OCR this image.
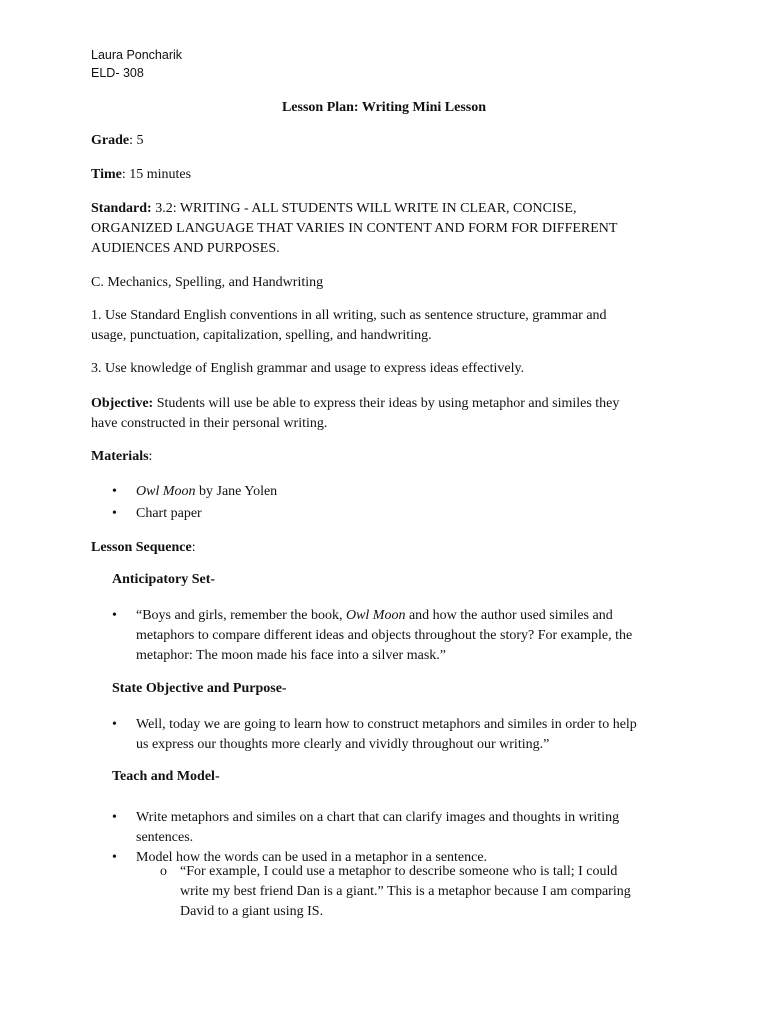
Laura Poncharik
ELD- 308
Lesson Plan: Writing Mini Lesson
Grade: 5
Time: 15 minutes
Standard: 3.2: WRITING - ALL STUDENTS WILL WRITE IN CLEAR, CONCISE,
ORGANIZED LANGUAGE THAT VARIES IN CONTENT AND FORM FOR DIFFERENT
AUDIENCES AND PURPOSES.
C. Mechanics, Spelling, and Handwriting
1. Use Standard English conventions in all writing, such as sentence structure, grammar and
usage, punctuation, capitalization, spelling, and handwriting.
3. Use knowledge of English grammar and usage to express ideas effectively.
Objective: Students will use be able to express their ideas by using metaphor and similes they
have constructed in their personal writing.
Materials:
• Owl Moon by Jane Yolen
• Chart paper
Lesson Sequence:
Anticipatory Set-
• “Boys and girls, remember the book, Owl Moon and how the author used similes and
metaphors to compare different ideas and objects throughout the story? For example, the
metaphor: The moon made his face into a silver mask.”
State Objective and Purpose-
• Well, today we are going to learn how to construct metaphors and similes in order to help
us express our thoughts more clearly and vividly throughout our writing.”
Teach and Model-
• Write metaphors and similes on a chart that can clarify images and thoughts in writing
sentences.
• Model how the words can be used in a metaphor in a sentence.
o “For example, I could use a metaphor to describe someone who is tall; I could
write my best friend Dan is a giant.” This is a metaphor because I am comparing
David to a giant using IS.
